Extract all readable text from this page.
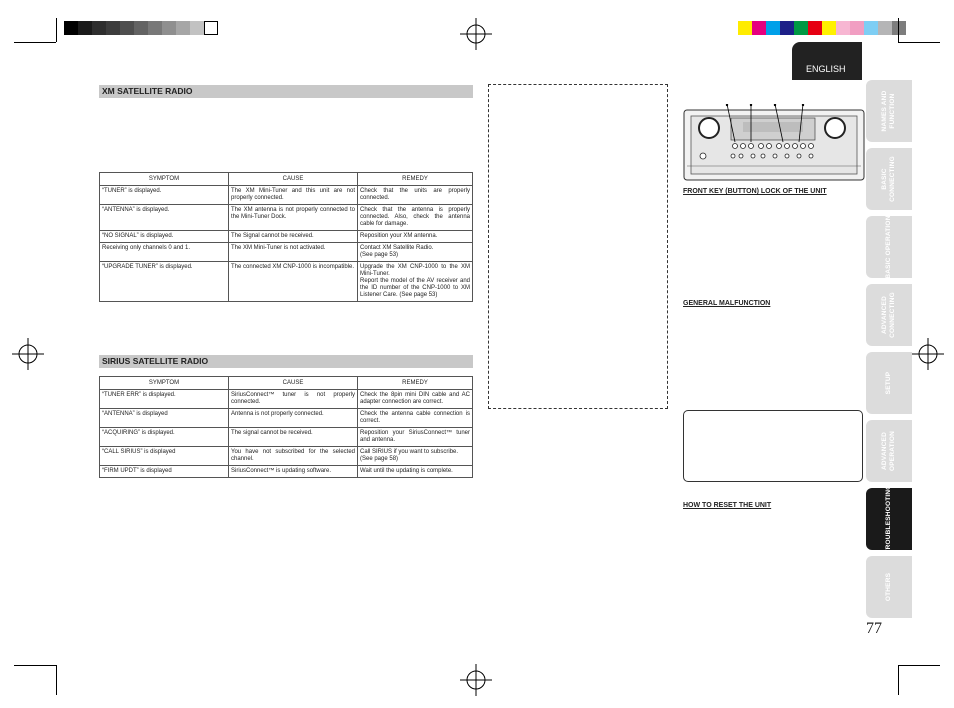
XM SATELLITE RADIO
SYMPTOM	CAUSE	REMEDY
“TUNER” is displayed.	The XM Mini-Tuner and this unit are not properly connected.	Check that the units are properly connected.
“ANTENNA” is displayed.	The XM antenna is not properly connected to the Mini-Tuner Dock.	Check that the antenna is properly connected. Also, check the antenna cable for damage.
“NO SIGNAL” is displayed.	The Signal cannot be received.	Reposition your XM antenna.
Receiving only channels 0 and 1.	The XM Mini-Tuner is not activated.	Contact XM Satellite Radio.
(See page 53)
“UPGRADE TUNER” is displayed.	The connected XM CNP-1000 is incompatible.	Upgrade the XM CNP-1000 to the XM Mini-Tuner.
Report the model of the AV receiver and the ID number of the CNP-1000 to XM Listener Care. (See page 53)
SIRIUS SATELLITE RADIO
SYMPTOM	CAUSE	REMEDY
“TUNER ERR” is displayed.	SiriusConnect™ tuner is not properly connected.	Check the 8pin mini DIN cable and AC adapter connection are correct.
“ANTENNA” is displayed	Antenna is not properly connected.	Check the antenna cable connection is correct.
“ACQUIRING” is displayed.	The signal cannot be received.	Reposition your SiriusConnect™ tuner and antenna.
“CALL SIRIUS” is displayed	You have not subscribed for the selected channel.	Call SIRIUS if you want to subscribe.
(See page 58)
“FIRM UPDT” is displayed	SiriusConnect™ is updating software.	Wait until the updating is complete.
FRONT KEY (BUTTON) LOCK OF THE UNIT
GENERAL MALFUNCTION
HOW TO RESET THE UNIT
ENGLISH
NAMES AND
FUNCTION
BASIC
CONNECTING
BASIC OPERATION
ADVANCED
CONNECTING
SETUP
ADVANCED
OPERATION
TROUBLESHOOTING
OTHERS
77
